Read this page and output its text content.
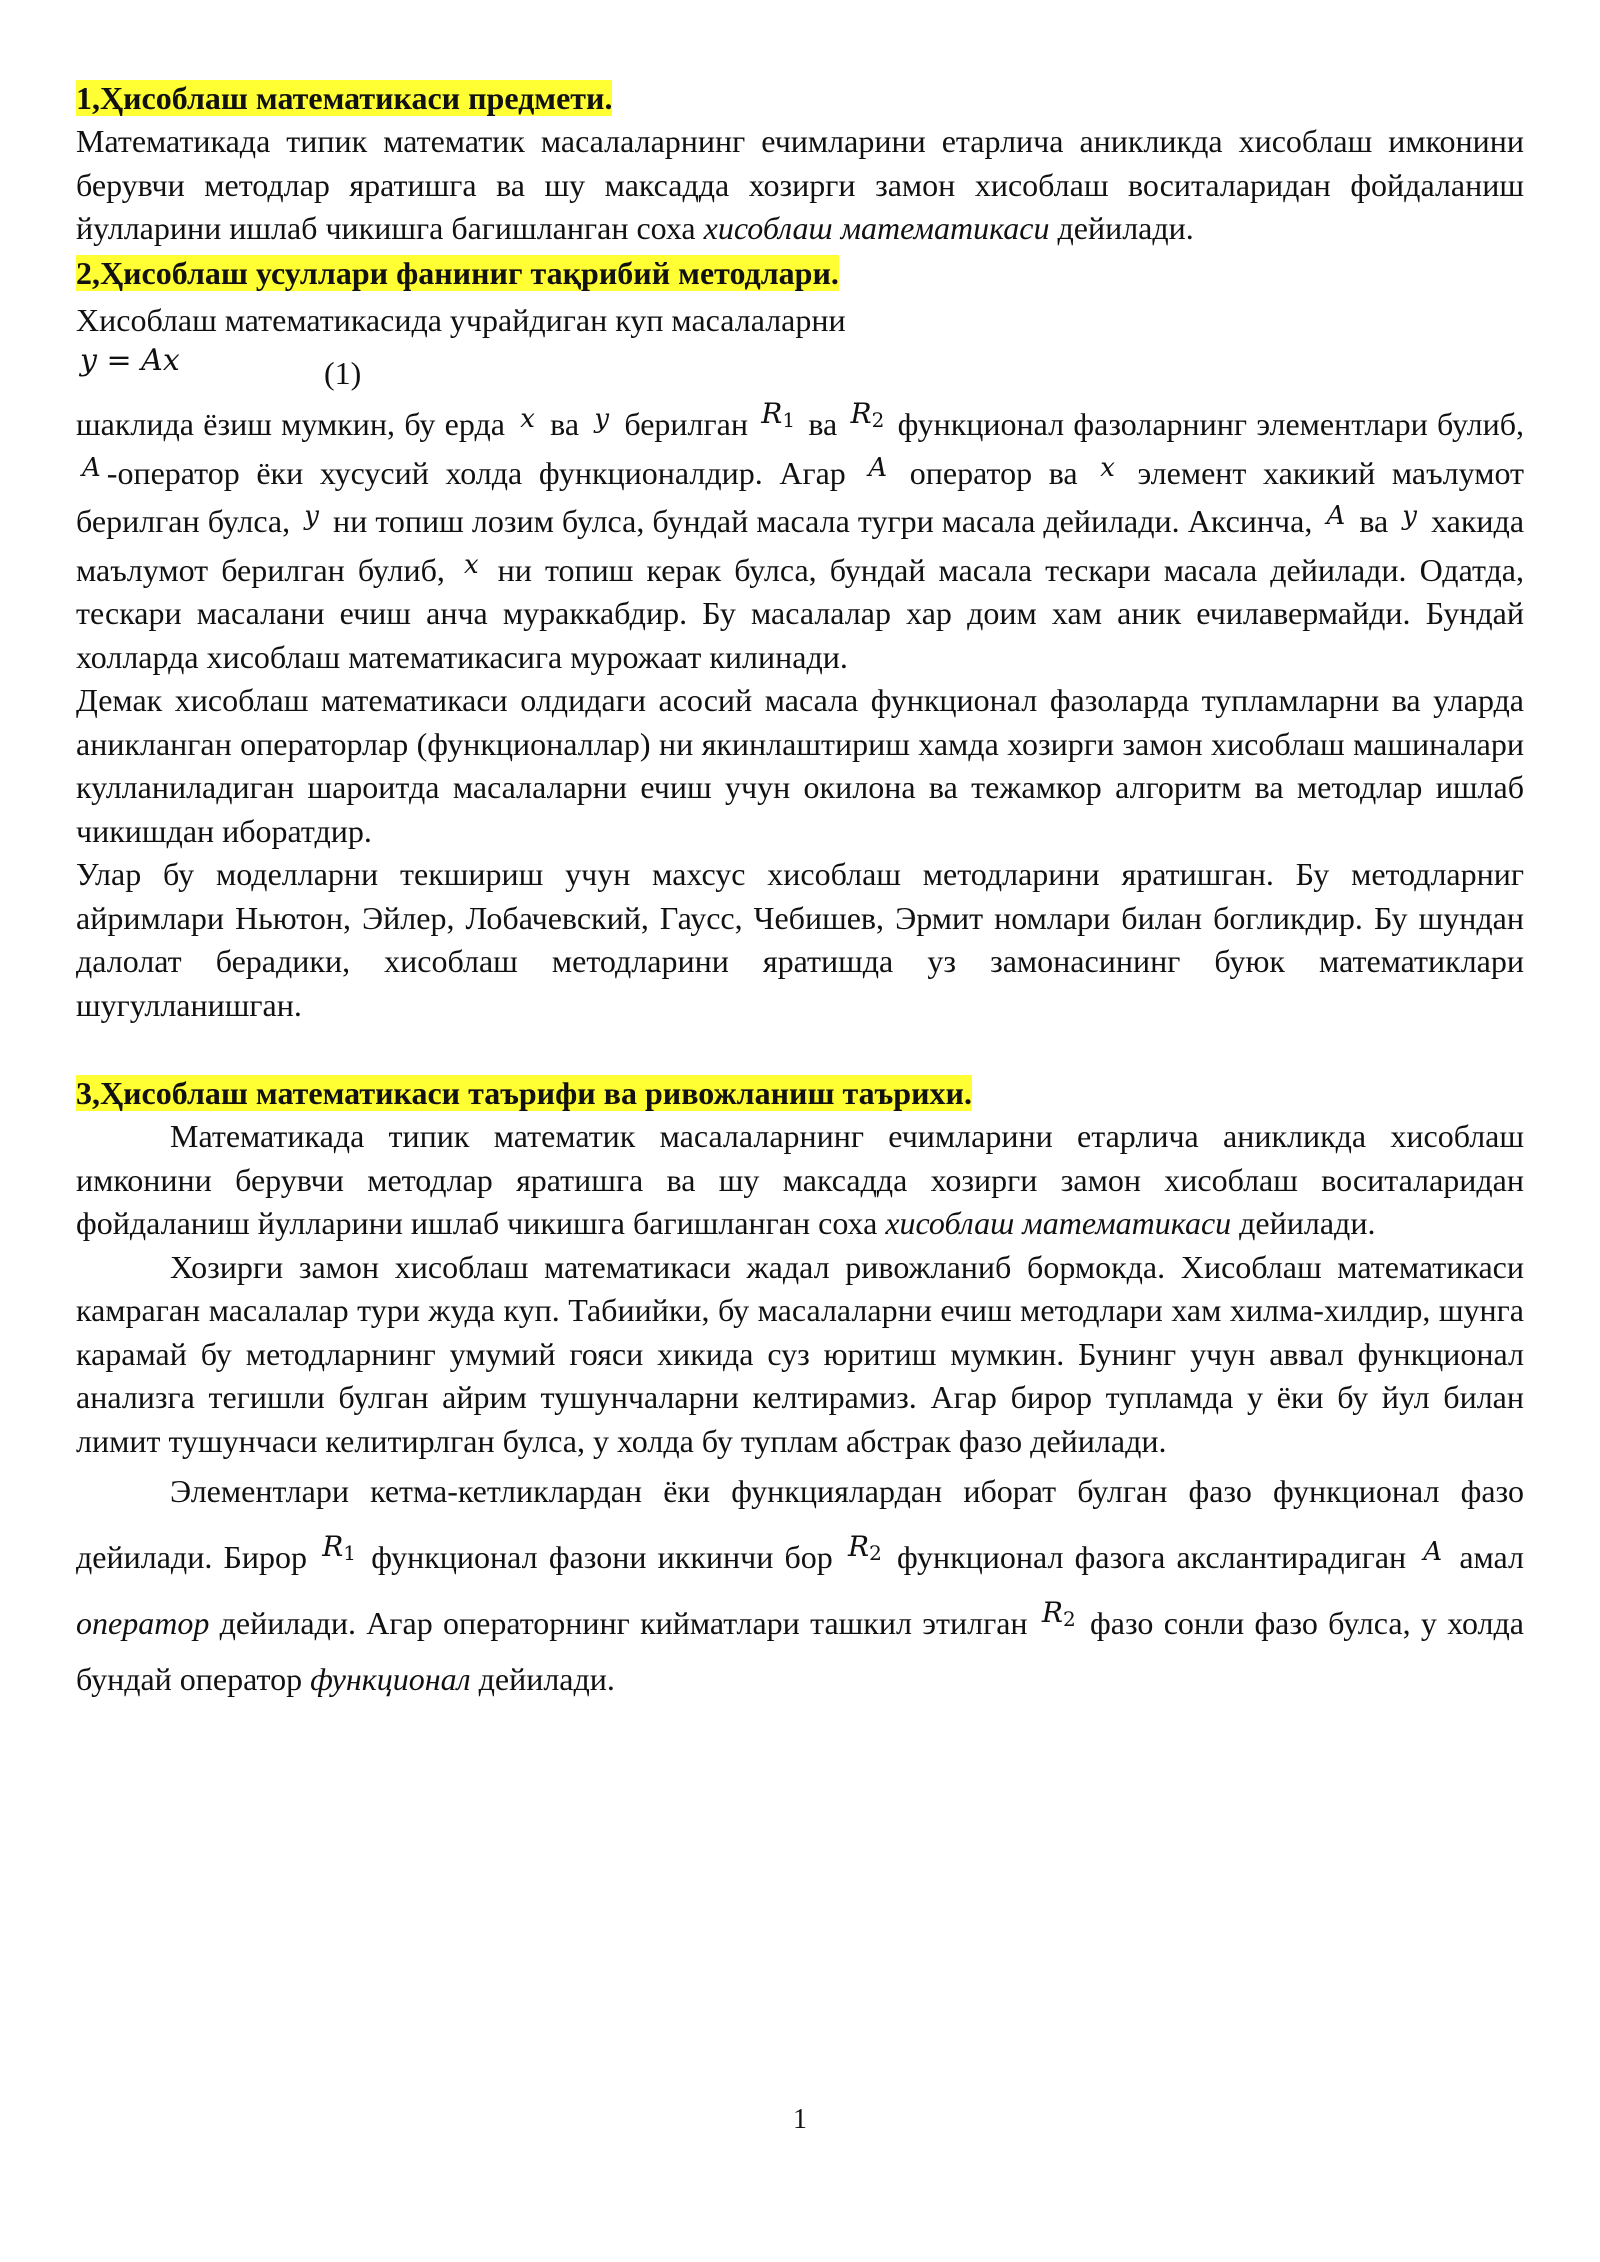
1,Ҳисоблаш математикаси предмети.

Математикада типик математик масалаларнинг ечимларини етарлича аникликда хисоблаш имконини берувчи методлар яратишга ва шу максадда хозирги замон хисоблаш воситаларидан фойдаланиш йулларини ишлаб чикишга багишланган соха хисоблаш математикаси дейилади.

2,Ҳисоблаш усуллари фаниниг тақрибий методлари.

Хисоблаш математикасида учрайдиган куп масалаларни

y = Ax	(1)

шаклида ёзиш мумкин, бу ерда $^x$ ва $^y$ берилган $R_1$ ва $R_2$ функционал фазоларнинг элементлари булиб, $^A$ -оператор ёки хусусий холда функционалдир. Агар $^A$ оператор ва $^x$ элемент хакикий маълумот берилган булса, $^y$ ни топиш лозим булса, бундай масала тугри масала дейилади. Аксинча, $^A$ ва $^y$ хакида маълумот берилган булиб, $^x$ ни топиш керак булса, бундай масала тескари масала дейилади. Одатда, тескари масалани ечиш анча мураккабдир. Бу масалалар хар доим хам аник ечилавермайди. Бундай холларда хисоблаш математикасига мурожаат килинади.

Демак хисоблаш математикаси олдидаги асосий масала функционал фазоларда тупламларни ва уларда аникланган операторлар (функционаллар) ни якинлаштириш хамда хозирги замон хисоблаш машиналари кулланиладиган шароитда масалаларни ечиш учун окилона ва тежамкор алгоритм ва методлар ишлаб чикишдан иборатдир.

Улар бу моделларни текшириш учун махсус хисоблаш методларини яратишган. Бу методларниг айримлари Ньютон, Эйлер, Лобачевский, Гаусс, Чебишев, Эрмит номлари билан богликдир. Бу шундан далолат берадики, хисоблаш методларини яратишда уз замонасининг буюк математиклари шугулланишган.

3,Ҳисоблаш математикаси таърифи ва ривожланиш таърихи.

Математикада типик математик масалаларнинг ечимларини етарлича аникликда хисоблаш имконини берувчи методлар яратишга ва шу максадда хозирги замон хисоблаш воситаларидан фойдаланиш йулларини ишлаб чикишга багишланган соха хисоблаш математикаси дейилади.

Хозирги замон хисоблаш математикаси жадал ривожланиб бормокда. Хисоблаш математикаси камраган масалалар тури жуда куп. Табиийки, бу масалаларни ечиш методлари хам хилма-хилдир, шунга карамай бу методларнинг умумий гояси хикида суз юритиш мумкин. Бунинг учун аввал функционал анализга тегишли булган айрим тушунчаларни келтирамиз. Агар бирор тупламда у ёки бу йул билан лимит тушунчаси келитирлган булса, у холда бу туплам абстрак фазо дейилади.

Элементлари кетма-кетликлардан ёки функциялардан иборат булган фазо функционал фазо дейилади. Бирор $R_1$ функционал фазони иккинчи бор $R_2$ функционал фазога акслантирадиган $^A$ амал оператор дейилади. Агар операторнинг кийматлари ташкил этилган $R_2$ фазо сонли фазо булса, у холда бундай оператор функционал дейилади.

1
